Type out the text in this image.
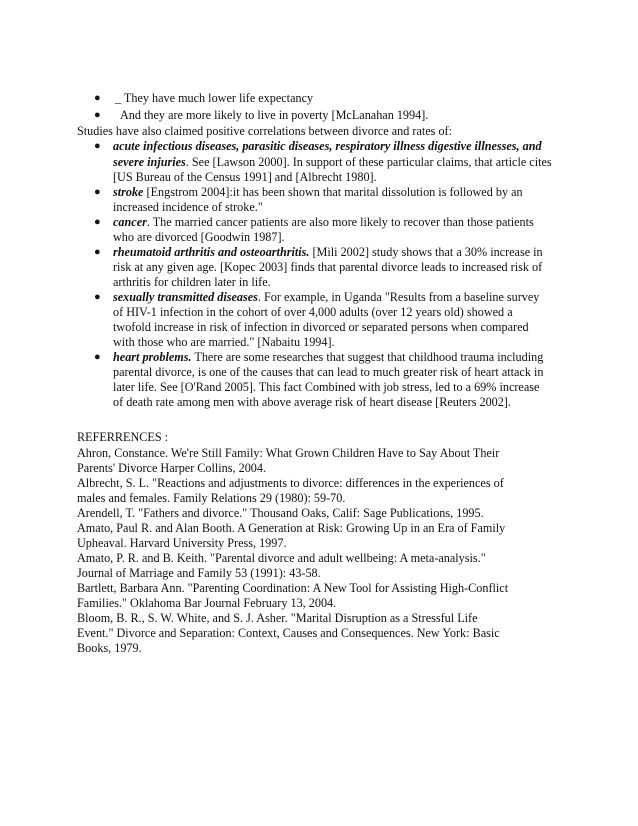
● _ They have much lower life expectancy
● And they are more likely to live in poverty [McLanahan 1994].
Studies have also claimed positive correlations between divorce and rates of:
● acute infectious diseases, parasitic diseases, respiratory illness digestive illnesses, and
severe injuries. See [Lawson 2000]. In support of these particular claims, that article cites
[US Bureau of the Census 1991] and [Albrecht 1980].
● stroke [Engstrom 2004]:it has been shown that marital dissolution is followed by an
increased incidence of stroke."
● cancer. The married cancer patients are also more likely to recover than those patients
who are divorced [Goodwin 1987].
● rheumatoid arthritis and osteoarthritis. [Mili 2002] study shows that a 30% increase in
risk at any given age. [Kopec 2003] finds that parental divorce leads to increased risk of
arthritis for children later in life.
● sexually transmitted diseases. For example, in Uganda "Results from a baseline survey
of HIV-1 infection in the cohort of over 4,000 adults (over 12 years old) showed a
twofold increase in risk of infection in divorced or separated persons when compared
with those who are married." [Nabaitu 1994].
● heart problems. There are some researches that suggest that childhood trauma including
parental divorce, is one of the causes that can lead to much greater risk of heart attack in
later life. See [O'Rand 2005]. This fact Combined with job stress, led to a 69% increase
of death rate among men with above average risk of heart disease [Reuters 2002].
REFERRENCES :
Ahron, Constance. We're Still Family: What Grown Children Have to Say About Their
Parents' Divorce Harper Collins, 2004.
Albrecht, S. L. "Reactions and adjustments to divorce: differences in the experiences of
males and females. Family Relations 29 (1980): 59-70.
Arendell, T. "Fathers and divorce." Thousand Oaks, Calif: Sage Publications, 1995.
Amato, Paul R. and Alan Booth. A Generation at Risk: Growing Up in an Era of Family
Upheaval. Harvard University Press, 1997.
Amato, P. R. and B. Keith. "Parental divorce and adult wellbeing: A meta-analysis."
Journal of Marriage and Family 53 (1991): 43-58.
Bartlett, Barbara Ann. "Parenting Coordination: A New Tool for Assisting High-Conflict
Families." Oklahoma Bar Journal February 13, 2004.
Bloom, B. R., S. W. White, and S. J. Asher. "Marital Disruption as a Stressful Life
Event." Divorce and Separation: Context, Causes and Consequences. New York: Basic
Books, 1979.
